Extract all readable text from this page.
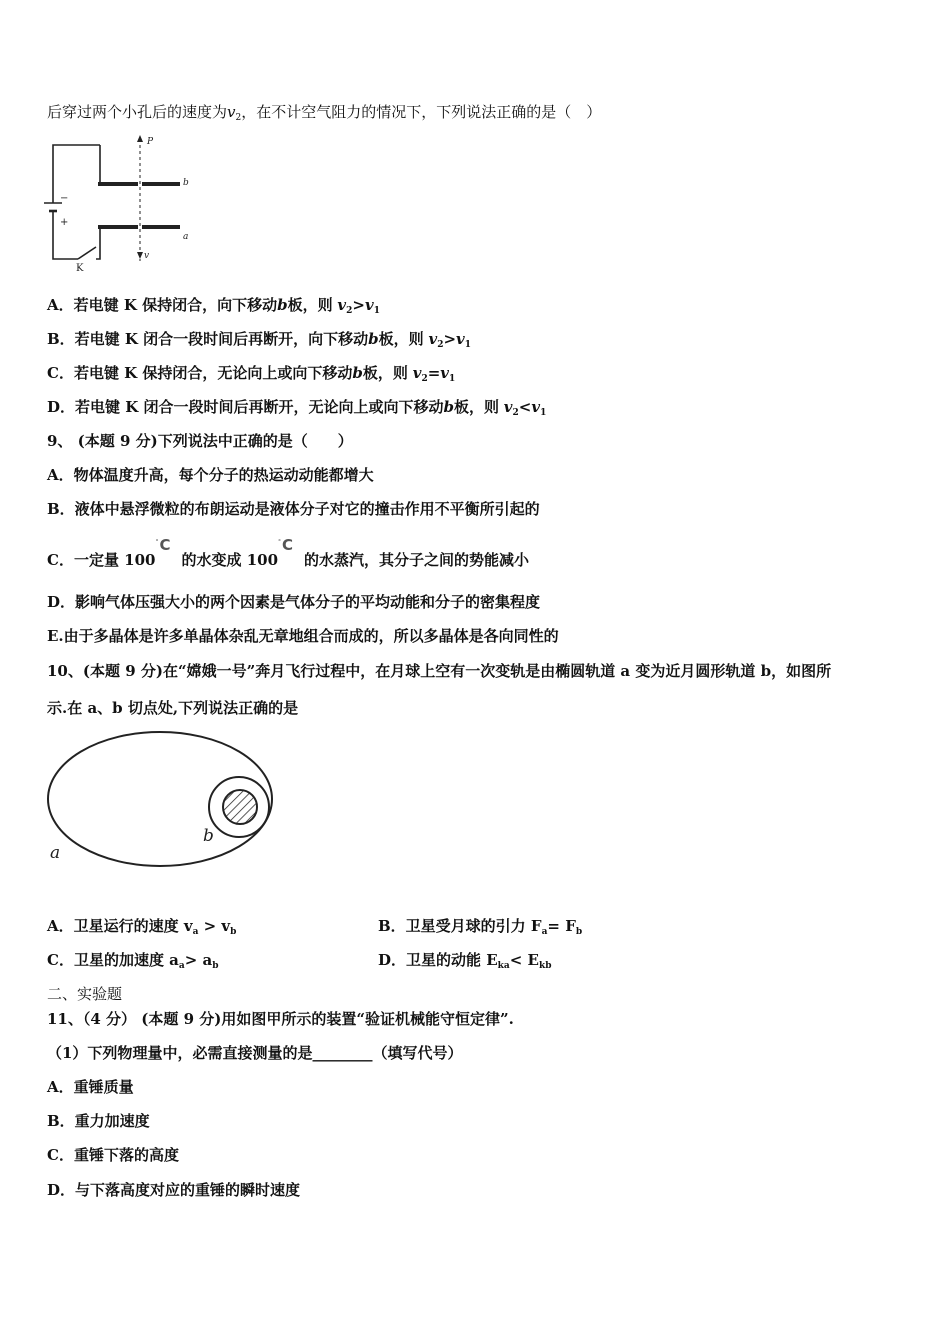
后穿过两个小孔后的速度为$v_2$，在不计空气阻力的情况下，下列说法正确的是（　）
P
b
a
v
−
+
K
A．若电键 K 保持闭合，向下移动b板，则 $v_2>v_1$
B．若电键 K 闭合一段时间后再断开，向下移动b板，则 $v_2>v_1$
C．若电键 K 保持闭合，无论向上或向下移动b板，则 $v_2=v_1$
D．若电键 K 闭合一段时间后再断开，无论向上或向下移动b板，则 $v_2<v_1$
9、 (本题 9 分)下列说法中正确的是（　　）
A．物体温度升高，每个分子的热运动动能都增大
B．液体中悬浮微粒的布朗运动是液体分子对它的撞击作用不平衡所引起的
C．一定量 100
° C
的水变成 100
° C
的水蒸汽，其分子之间的势能减小
D．影响气体压强大小的两个因素是气体分子的平均动能和分子的密集程度
E.由于多晶体是许多单晶体杂乱无章地组合而成的，所以多晶体是各向同性的
10、(本题 9 分)在“嫦娥一号”奔月飞行过程中，在月球上空有一次变轨是由椭圆轨道 a 变为近月圆形轨道 b，如图所
示.在 a、b 切点处,下列说法正确的是
a
b
A．卫星运行的速度 $v_a > v_b$	B．卫星受月球的引力 $F_a= F_b$
C．卫星的加速度 $a_a> a_b$	D．卫星的动能 $E_{ka}< E_{kb}$
二、实验题
11、（4 分） (本题 9 分)用如图甲所示的装置“验证机械能守恒定律”.
（1）下列物理量中，必需直接测量的是________（填写代号）
A．重锤质量
B．重力加速度
C．重锤下落的高度
D．与下落高度对应的重锤的瞬时速度
